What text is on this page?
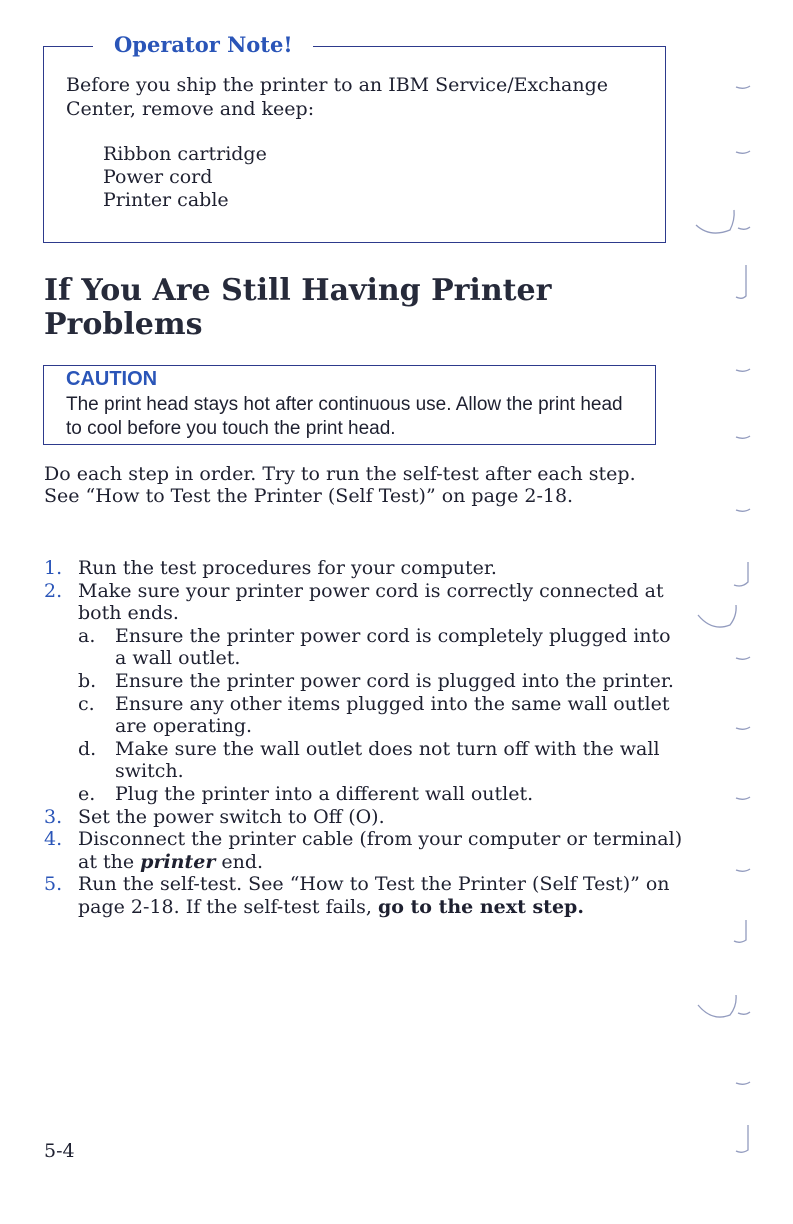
Operator Note!
Before you ship the printer to an IBM Service/Exchange Center, remove and keep:
Ribbon cartridge
Power cord
Printer cable
If You Are Still Having Printer
Problems
CAUTION
The print head stays hot after continuous use. Allow the print head to cool before you touch the print head.
Do each step in order. Try to run the self-test after each step. See “How to Test the Printer (Self Test)” on page 2-18.
1. Run the test procedures for your computer.
2. Make sure your printer power cord is correctly connected at both ends.
a. Ensure the printer power cord is completely plugged into a wall outlet.
b. Ensure the printer power cord is plugged into the printer.
c. Ensure any other items plugged into the same wall outlet are operating.
d. Make sure the wall outlet does not turn off with the wall switch.
e. Plug the printer into a different wall outlet.
3. Set the power switch to Off (O).
4. Disconnect the printer cable (from your computer or terminal) at the printer end.
5. Run the self-test. See “How to Test the Printer (Self Test)” on page 2-18. If the self-test fails, go to the next step.
5-4
